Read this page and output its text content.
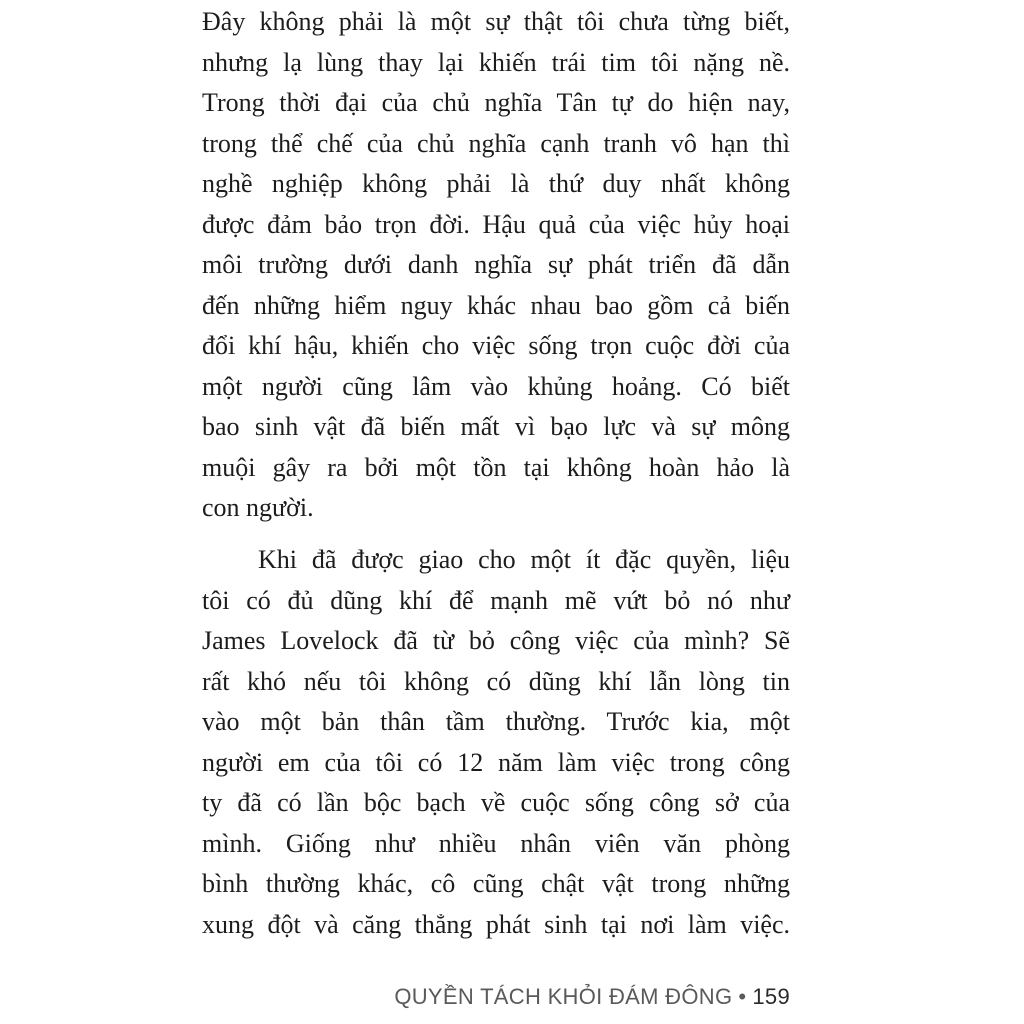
Đây không phải là một sự thật tôi chưa từng biết,
nhưng lạ lùng thay lại khiến trái tim tôi nặng nề.
Trong thời đại của chủ nghĩa Tân tự do hiện nay,
trong thể chế của chủ nghĩa cạnh tranh vô hạn thì
nghề nghiệp không phải là thứ duy nhất không
được đảm bảo trọn đời. Hậu quả của việc hủy hoại
môi trường dưới danh nghĩa sự phát triển đã dẫn
đến những hiểm nguy khác nhau bao gồm cả biến
đổi khí hậu, khiến cho việc sống trọn cuộc đời của
một người cũng lâm vào khủng hoảng. Có biết
bao sinh vật đã biến mất vì bạo lực và sự mông
muội gây ra bởi một tồn tại không hoàn hảo là
con người.
Khi đã được giao cho một ít đặc quyền, liệu
tôi có đủ dũng khí để mạnh mẽ vứt bỏ nó như
James Lovelock đã từ bỏ công việc của mình? Sẽ
rất khó nếu tôi không có dũng khí lẫn lòng tin
vào một bản thân tầm thường. Trước kia, một
người em của tôi có 12 năm làm việc trong công
ty đã có lần bộc bạch về cuộc sống công sở của
mình. Giống như nhiều nhân viên văn phòng
bình thường khác, cô cũng chật vật trong những
xung đột và căng thẳng phát sinh tại nơi làm việc.
QUYỀN TÁCH KHỎI ĐÁM ĐÔNG • 159
